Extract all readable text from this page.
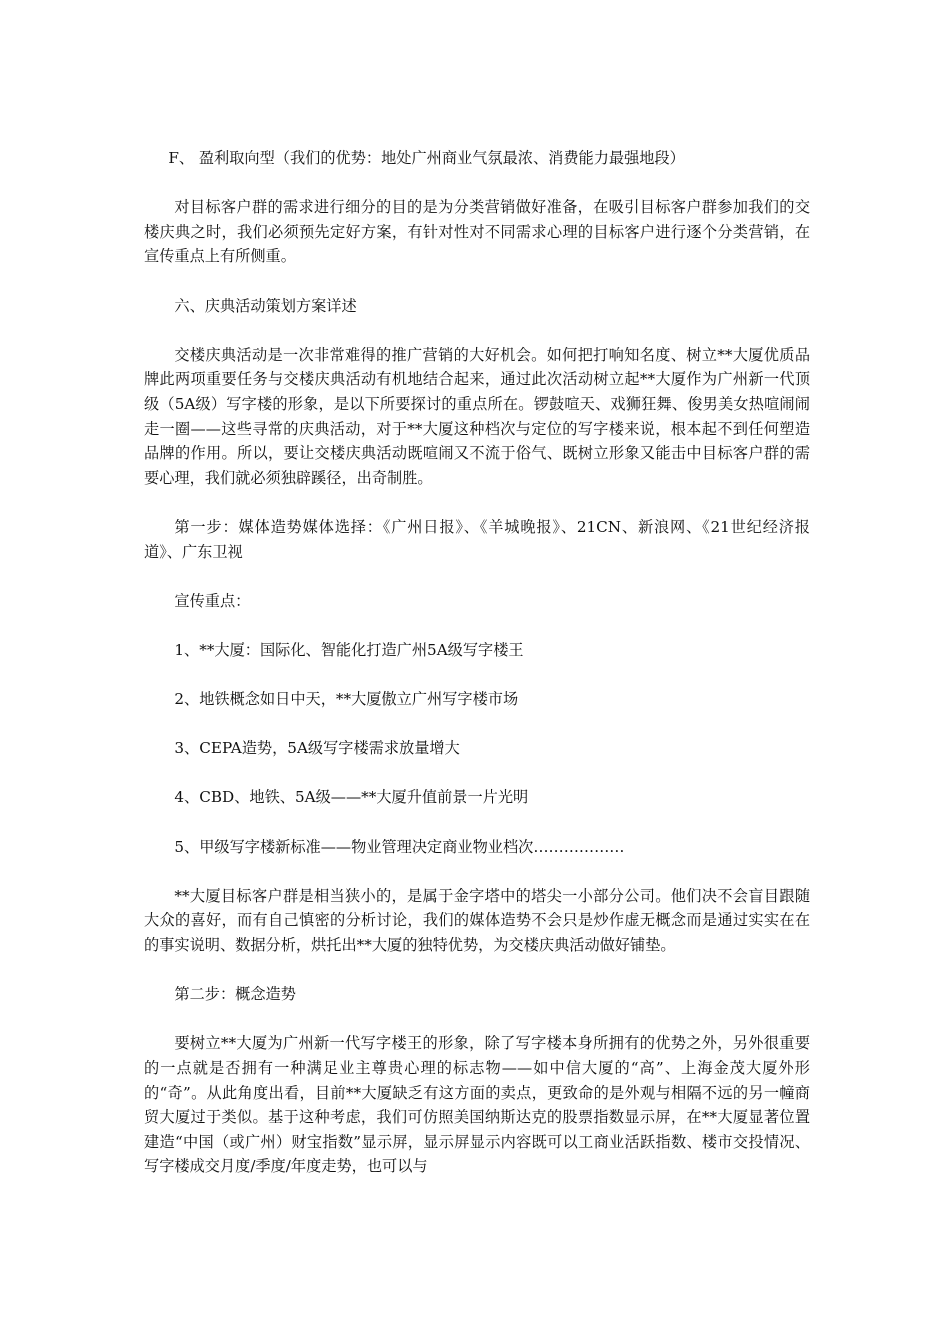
F、 盈利取向型（我们的优势：地处广州商业气氛最浓、消费能力最强地段）

对目标客户群的需求进行细分的目的是为分类营销做好准备，在吸引目标客户群参加我们的交楼庆典之时，我们必须预先定好方案，有针对性对不同需求心理的目标客户进行逐个分类营销，在宣传重点上有所侧重。

六、庆典活动策划方案详述

交楼庆典活动是一次非常难得的推广营销的大好机会。如何把打响知名度、树立**大厦优质品牌此两项重要任务与交楼庆典活动有机地结合起来，通过此次活动树立起**大厦作为广州新一代顶级（5A级）写字楼的形象，是以下所要探讨的重点所在。锣鼓喧天、戏狮狂舞、俊男美女热喧闹闹走一圈——这些寻常的庆典活动，对于**大厦这种档次与定位的写字楼来说，根本起不到任何塑造品牌的作用。所以，要让交楼庆典活动既喧闹又不流于俗气、既树立形象又能击中目标客户群的需要心理，我们就必须独辟蹊径，出奇制胜。

第一步：媒体造势媒体选择：《广州日报》、《羊城晚报》、21CN、新浪网、《21世纪经济报道》、广东卫视

宣传重点：

1、**大厦：国际化、智能化打造广州5A级写字楼王

2、地铁概念如日中天，**大厦傲立广州写字楼市场

3、CEPA造势，5A级写字楼需求放量增大

4、CBD、地铁、5A级——**大厦升值前景一片光明

5、甲级写字楼新标准——物业管理决定商业物业档次………………

**大厦目标客户群是相当狭小的，是属于金字塔中的塔尖一小部分公司。他们决不会盲目跟随大众的喜好，而有自己慎密的分析讨论，我们的媒体造势不会只是炒作虚无概念而是通过实实在在的事实说明、数据分析，烘托出**大厦的独特优势，为交楼庆典活动做好铺垫。

第二步：概念造势

要树立**大厦为广州新一代写字楼王的形象，除了写字楼本身所拥有的优势之外，另外很重要的一点就是否拥有一种满足业主尊贵心理的标志物——如中信大厦的“高”、上海金茂大厦外形的“奇”。从此角度出看，目前**大厦缺乏有这方面的卖点，更致命的是外观与相隔不远的另一幢商贸大厦过于类似。基于这种考虑，我们可仿照美国纳斯达克的股票指数显示屏，在**大厦显著位置建造“中国（或广州）财宝指数”显示屏，显示屏显示内容既可以工商业活跃指数、楼市交投情况、写字楼成交月度/季度/年度走势，也可以与
